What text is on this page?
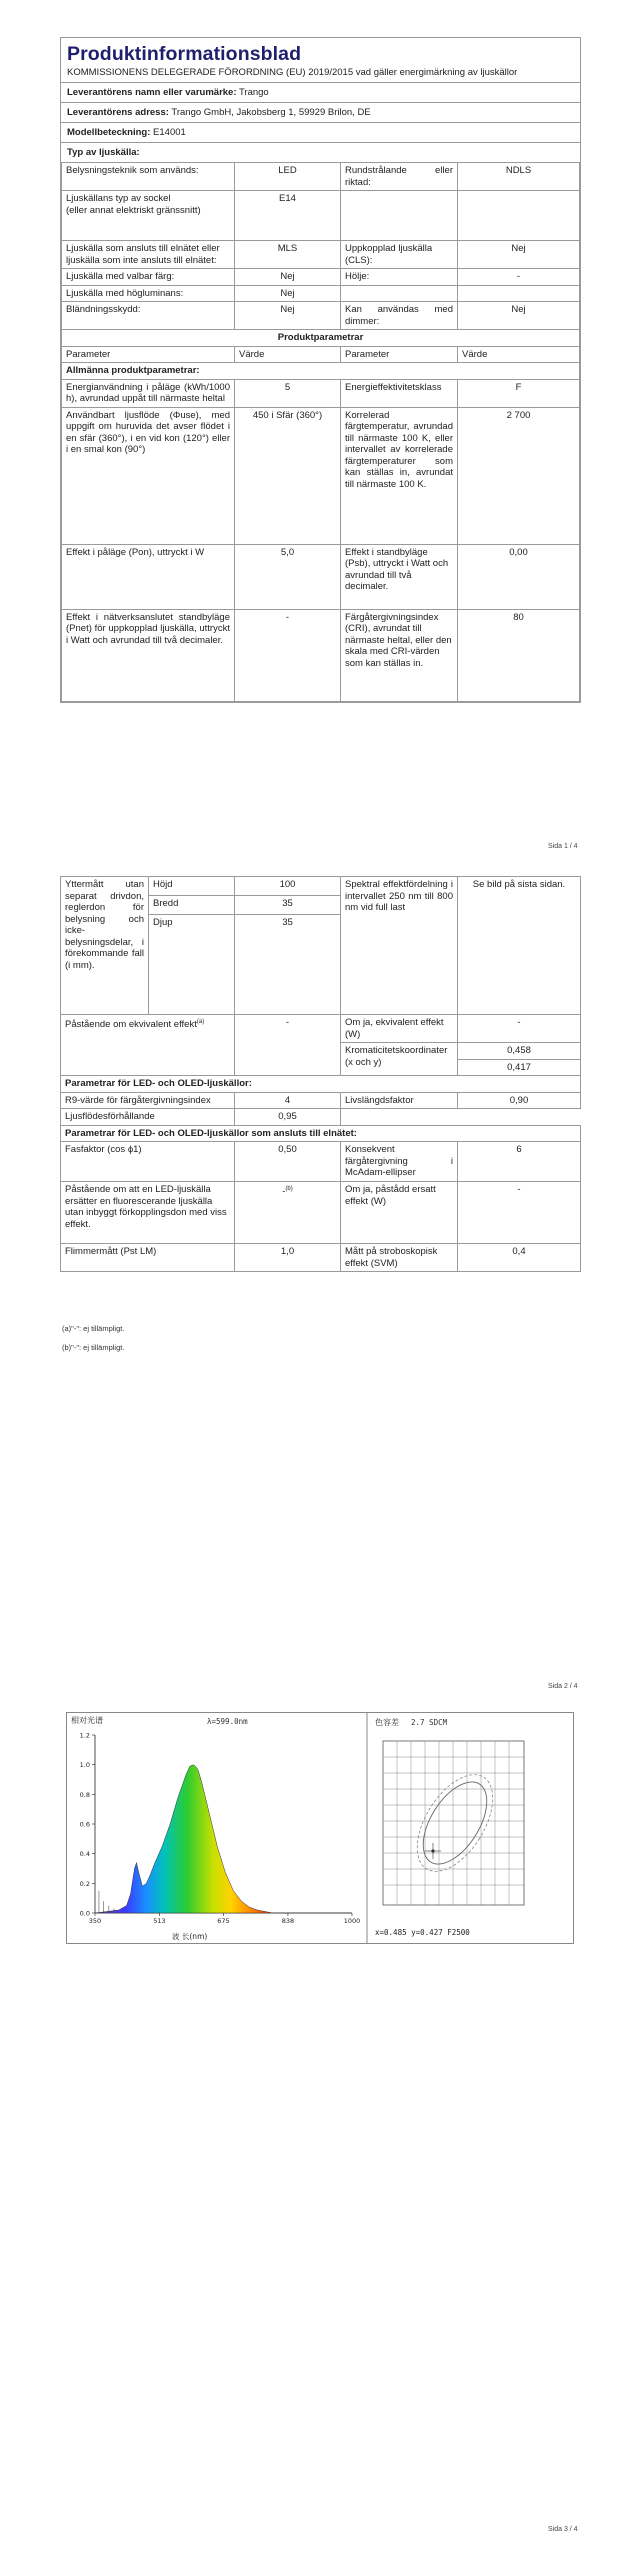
Produktinformationsblad
KOMMISSIONENS DELEGERADE FÖRORDNING (EU) 2019/2015 vad gäller energimärkning av ljuskällor
Leverantörens namn eller varumärke: Trango
Leverantörens adress: Trango GmbH, Jakobsberg 1, 59929 Brilon, DE
Modellbeteckning: E14001
Typ av ljuskälla:
Belysningsteknik som används:	LED	Rundstrålande eller riktad:	NDLS
Ljuskällans typ av sockel
(eller annat elektriskt gränssnitt)	E14		
Ljuskälla som ansluts till elnätet eller ljuskälla som inte ansluts till elnätet:	MLS	Uppkopplad ljuskälla (CLS):	Nej
Ljuskälla med valbar färg:	Nej	Hölje:	-
Ljuskälla med högluminans:	Nej		
Bländningsskydd:	Nej	Kan användas med dimmer:	Nej
Produktparametrar			
Parameter	Värde	Parameter	Värde
Allmänna produktparametrar:			
Energianvändning i påläge (kWh/1000 h), avrundad uppåt till närmaste heltal	5	Energieffektivitetsklass	F
Användbart ljusflöde (Φuse), med uppgift om huruvida det avser flödet i en sfär (360°), i en vid kon (120°) eller i en smal kon (90°)	450 i Sfär (360°)	Korrelerad färgtemperatur, avrundad till närmaste 100 K, eller intervallet av korrelerade färgtemperaturer som kan ställas in, avrundat till närmaste 100 K.	2 700
Effekt i påläge (Pon), uttryckt i W	5,0	Effekt i standbyläge (Psb), uttryckt i Watt och avrundad till två decimaler.	0,00
Effekt i nätverksanslutet standbyläge (Pnet) för uppkopplad ljuskälla, uttryckt i Watt och avrundad till två decimaler.	-	Färgåtergivningsindex (CRI), avrundat till närmaste heltal, eller den skala med CRI-värden som kan ställas in.	80
Sida 1 / 4
Yttermått utan separat drivdon, reglerdon för belysning och icke-belysningsdelar, i förekommande fall (i mm).	Höjd	100	Spektral effektfördelning i intervallet 250 nm till 800 nm vid full last	Se bild på sista sidan.
	Bredd	35		
	Djup	35		
Påstående om ekvivalent effekt$^{(a)}$		-	Om ja, ekvivalent effekt (W)	-
			Kromaticitetskoordinater (x och y)	0,458
0,417

Parametrar för LED- och OLED-ljuskällor:				
R9-värde för färgåtergivningsindex		4	Livslängdsfaktor	0,90
Ljusflödesförhållande		0,95		
Parametrar för LED- och OLED-ljuskällor som ansluts till elnätet:				
Fasfaktor (cos ϕ1)		0,50	Konsekvent färgåtergivning i McAdam-ellipser	6
Påstående om att en LED-ljuskälla ersätter en fluorescerande ljuskälla utan inbyggt förkopplingsdon med viss effekt.		-$^{(b)}$	Om ja, påstådd ersatt effekt (W)	-
Flimmermått (Pst LM)		1,0	Mått på stroboskopisk effekt (SVM)	0,4
(a)"-": ej tillämpligt.
(b)"-": ej tillämpligt.
Sida 2 / 4
1.2
1.0
0.8
0.6
0.4
0.2
0.0
350	513	675	838	1000
相对光谱	λ=599.0nm
波 长(nm)
色容差 2.7 SDCM
x=0.485 y=0.427 F2500
Sida 3 / 4
